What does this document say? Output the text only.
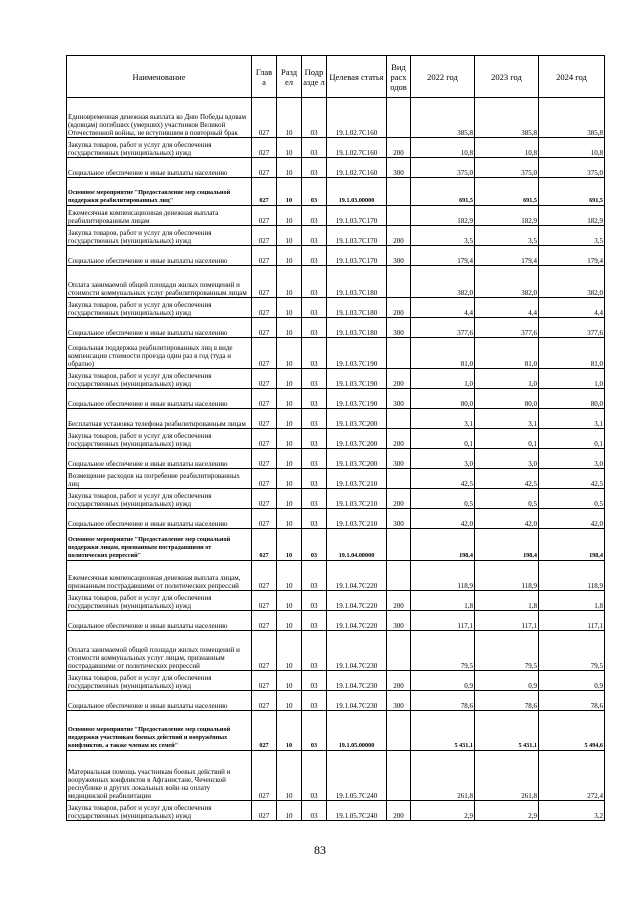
Наименование	Глав а	Разд ел	Подр азде л	Целевая статья	Вид расх одов	2022 год	2023 год	2024 год
Единовременная денежная выплата ко Дню Победы вдовам (вдовцам) погибших (умерших) участников Великой Отечественной войны, не вступившим в повторный брак	027	10	03	19.1.02.7С160		385,8	385,8	385,8
Закупка товаров, работ и услуг для обеспечения государственных (муниципальных) нужд	027	10	03	19.1.02.7С160	200	10,8	10,8	10,8
Социальное обеспечение и иные выплаты населению	027	10	03	19.1.02.7С160	300	375,0	375,0	375,0
Основное мероприятие "Предоставление мер социальной поддержки реабилитированных лиц"	027	10	03	19.1.03.00000		691,5	691,5	691,5
Ежемесячная компенсационная денежная выплата реабилитированным лицам	027	10	03	19.1.03.7С170		182,9	182,9	182,9
Закупка товаров, работ и услуг для обеспечения государственных (муниципальных) нужд	027	10	03	19.1.03.7С170	200	3,5	3,5	3,5
Социальное обеспечение и иные выплаты населению	027	10	03	19.1.03.7С170	300	179,4	179,4	179,4
Оплата занимаемой общей площади жилых помещений и стоимости коммунальных услуг реабилитированным лицам	027	10	03	19.1.03.7С180		382,0	382,0	382,0
Закупка товаров, работ и услуг для обеспечения государственных (муниципальных) нужд	027	10	03	19.1.03.7С180	200	4,4	4,4	4,4
Социальное обеспечение и иные выплаты населению	027	10	03	19.1.03.7С180	300	377,6	377,6	377,6
Социальная поддержка реабилитированных лиц в виде компенсации стоимости проезда один раз в год (туда и обратно)	027	10	03	19.1.03.7С190		81,0	81,0	81,0
Закупка товаров, работ и услуг для обеспечения государственных (муниципальных) нужд	027	10	03	19.1.03.7С190	200	1,0	1,0	1,0
Социальное обеспечение и иные выплаты населению	027	10	03	19.1.03.7С190	300	80,0	80,0	80,0
Бесплатная установка телефона реабилитированным лицам	027	10	03	19.1.03.7С200		3,1	3,1	3,1
Закупка товаров, работ и услуг для обеспечения государственных (муниципальных) нужд	027	10	03	19.1.03.7С200	200	0,1	0,1	0,1
Социальное обеспечение и иные выплаты населению	027	10	03	19.1.03.7С200	300	3,0	3,0	3,0
Возмещение расходов на погребение реабилитированных лиц	027	10	03	19.1.03.7С210		42,5	42,5	42,5
Закупка товаров, работ и услуг для обеспечения государственных (муниципальных) нужд	027	10	03	19.1.03.7С210	200	0,5	0,5	0,5
Социальное обеспечение и иные выплаты населению	027	10	03	19.1.03.7С210	300	42,0	42,0	42,0
Основное мероприятие "Предоставление мер социальной поддержки лицам, признанным пострадавшими от политических репрессий"	027	10	03	19.1.04.00000		198,4	198,4	198,4
Ежемесячная компенсационная денежная выплата лицам, признанным пострадавшими от политических репрессий	027	10	03	19.1.04.7С220		118,9	118,9	118,9
Закупка товаров, работ и услуг для обеспечения государственных (муниципальных) нужд	027	10	03	19.1.04.7С220	200	1,8	1,8	1,8
Социальное обеспечение и иные выплаты населению	027	10	03	19.1.04.7С220	300	117,1	117,1	117,1
Оплата занимаемой общей площади жилых помещений и стоимости коммунальных услуг лицам, признанным пострадавшими от политических репрессий	027	10	03	19.1.04.7С230		79,5	79,5	79,5
Закупка товаров, работ и услуг для обеспечения государственных (муниципальных) нужд	027	10	03	19.1.04.7С230	200	0,9	0,9	0,9
Социальное обеспечение и иные выплаты населению	027	10	03	19.1.04.7С230	300	78,6	78,6	78,6
Основное мероприятие "Предоставление мер социальной поддержки участникам боевых действий и вооружённых конфликтов, а также членам их семей"	027	10	03	19.1.05.00000		5 431,1	5 431,1	5 494,6
Материальная помощь участникам боевых действий и вооруженных конфликтов в Афганистане, Чеченской республике и других локальных войн на оплату медицинской реабилитации	027	10	03	19.1.05.7С240		261,8	261,8	272,4
Закупка товаров, работ и услуг для обеспечения государственных (муниципальных) нужд	027	10	03	19.1.05.7С240	200	2,9	2,9	3,2
83
